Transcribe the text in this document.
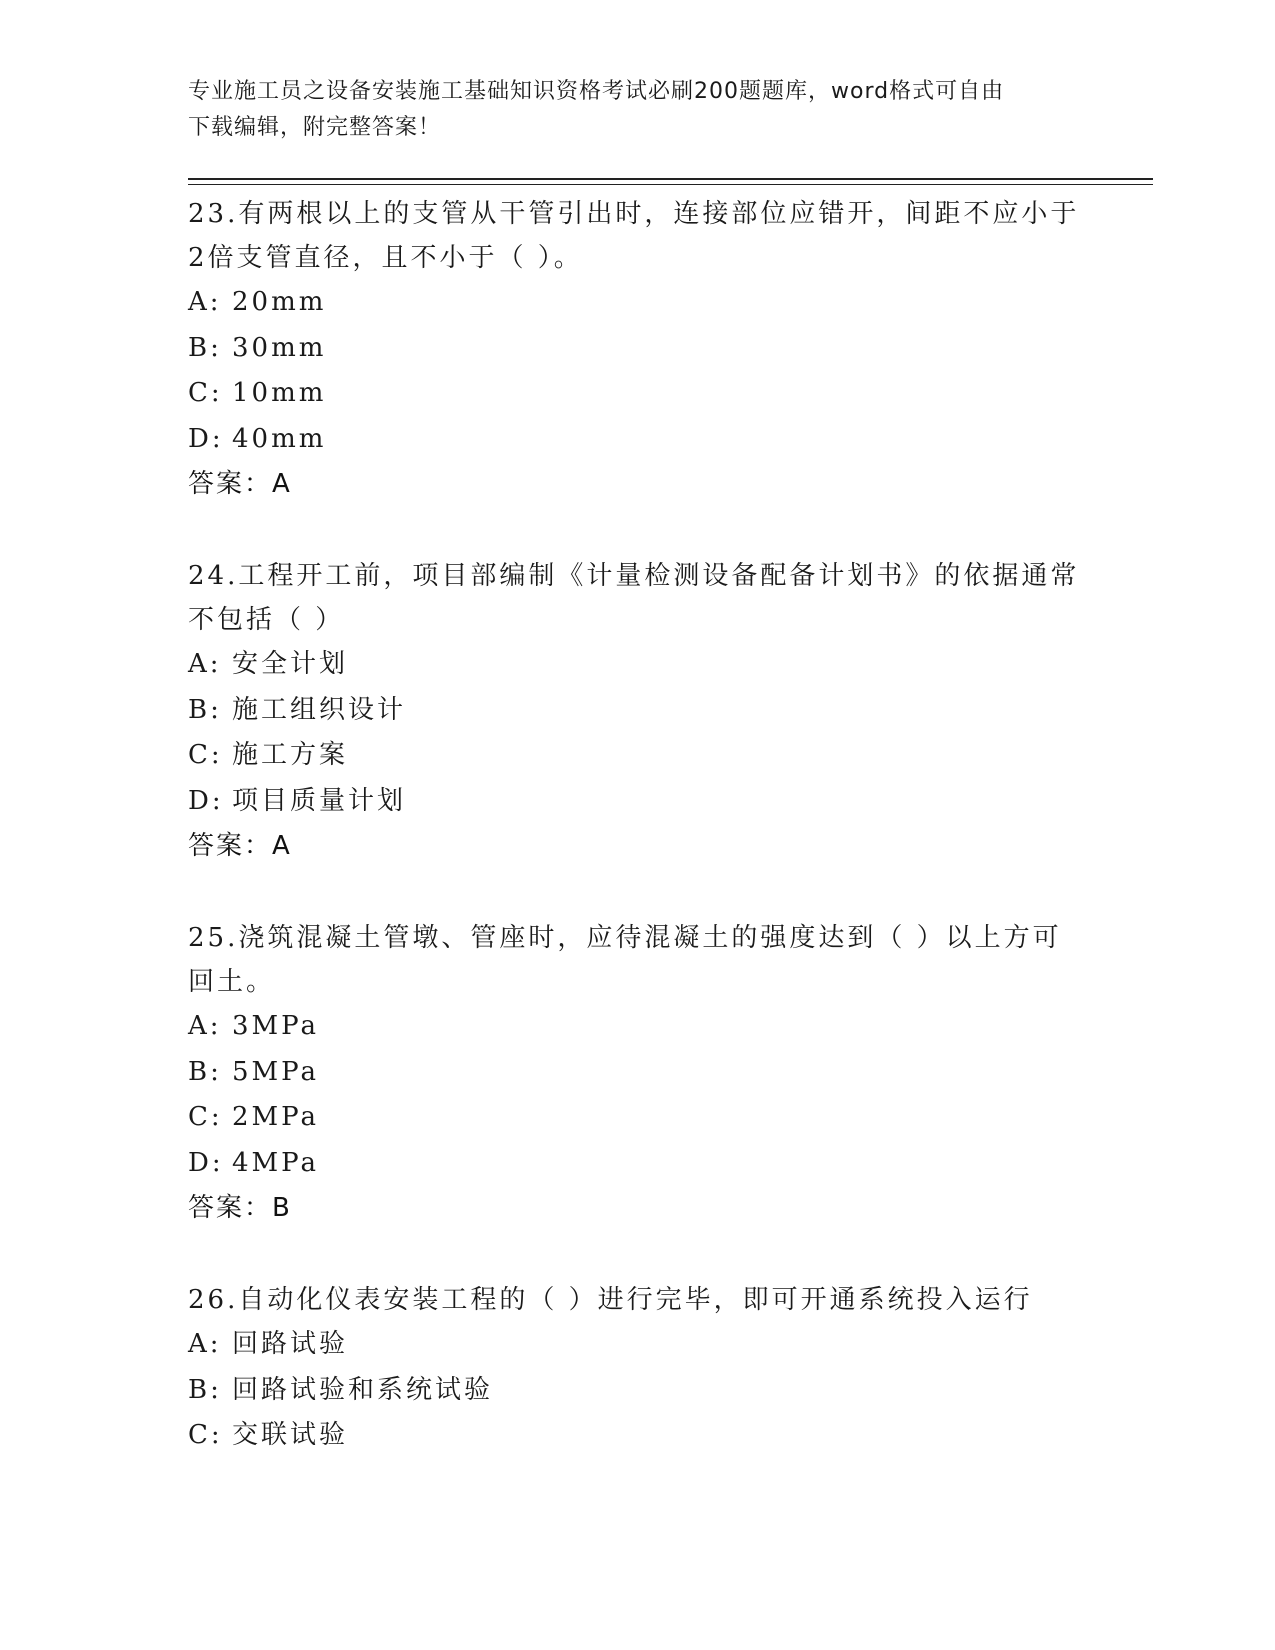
专业施工员之设备安装施工基础知识资格考试必刷200题题库，word格式可自由
下载编辑，附完整答案！

23.有两根以上的支管从干管引出时，连接部位应错开，间距不应小于
2倍支管直径，且不小于（ ）。

A: 20mm

B: 30mm

C: 10mm

D: 40mm

答案：A

24.工程开工前，项目部编制《计量检测设备配备计划书》的依据通常
不包括（ ）

A: 安全计划

B: 施工组织设计

C: 施工方案

D: 项目质量计划

答案：A

25.浇筑混凝土管墩、管座时，应待混凝土的强度达到（ ）以上方可
回土。

A: 3MPa

B: 5MPa

C: 2MPa

D: 4MPa

答案：B

26.自动化仪表安装工程的（ ）进行完毕，即可开通系统投入运行

A: 回路试验

B: 回路试验和系统试验

C: 交联试验
